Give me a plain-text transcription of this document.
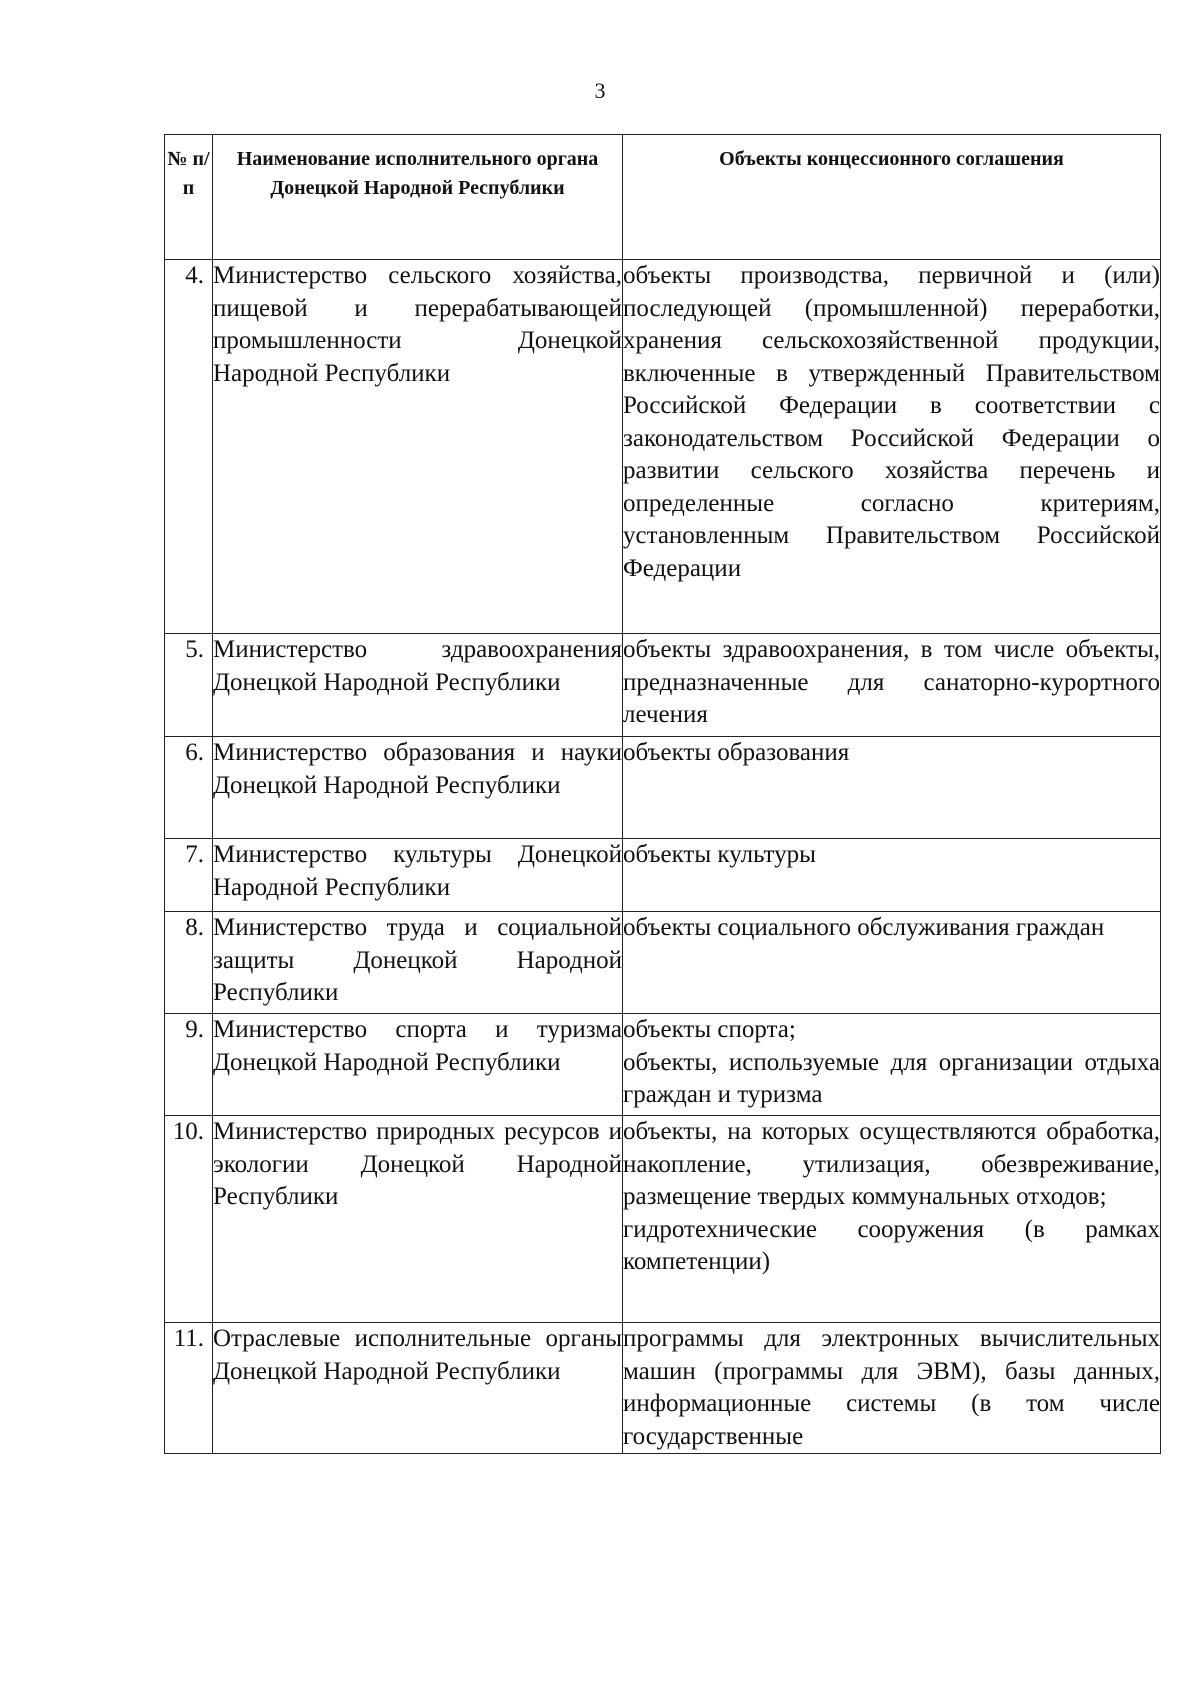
3
№ п/п	Наименование исполнительного органа Донецкой Народной Республики	Объекты концессионного соглашения
4.	Министерство сельского хозяйства, пищевой и перерабатывающей промышленности Донецкой Народной Республики	объекты производства, первичной и (или) последующей (промышленной) переработки, хранения сельскохозяйственной продукции, включенные в утвержденный Правительством Российской Федерации в соответствии с законодательством Российской Федерации о развитии сельского хозяйства перечень и определенные согласно критериям, установленным Правительством Российской Федерации

5.	Министерство здравоохранения Донецкой Народной Республики	объекты здравоохранения, в том числе объекты, предназначенные для санаторно-курортного лечения

6.	Министерство образования и науки Донецкой Народной Республики	объекты образования

7.	Министерство культуры Донецкой Народной Республики	объекты культуры

8.	Министерство труда и социальной защиты Донецкой Народной Республики	объекты социального обслуживания граждан

9.	Министерство спорта и туризма Донецкой Народной Республики	объекты спорта;
объекты, используемые для организации отдыха граждан и туризма

10.	Министерство природных ресурсов и экологии Донецкой Народной Республики	объекты, на которых осуществляются обработка, накопление, утилизация, обезвреживание, размещение твердых коммунальных отходов;
гидротехнические сооружения (в рамках компетенции)

11.	Отраслевые исполнительные органы Донецкой Народной Республики	программы для электронных вычислительных машин (программы для ЭВМ), базы данных, информационные системы (в том числе государственные
